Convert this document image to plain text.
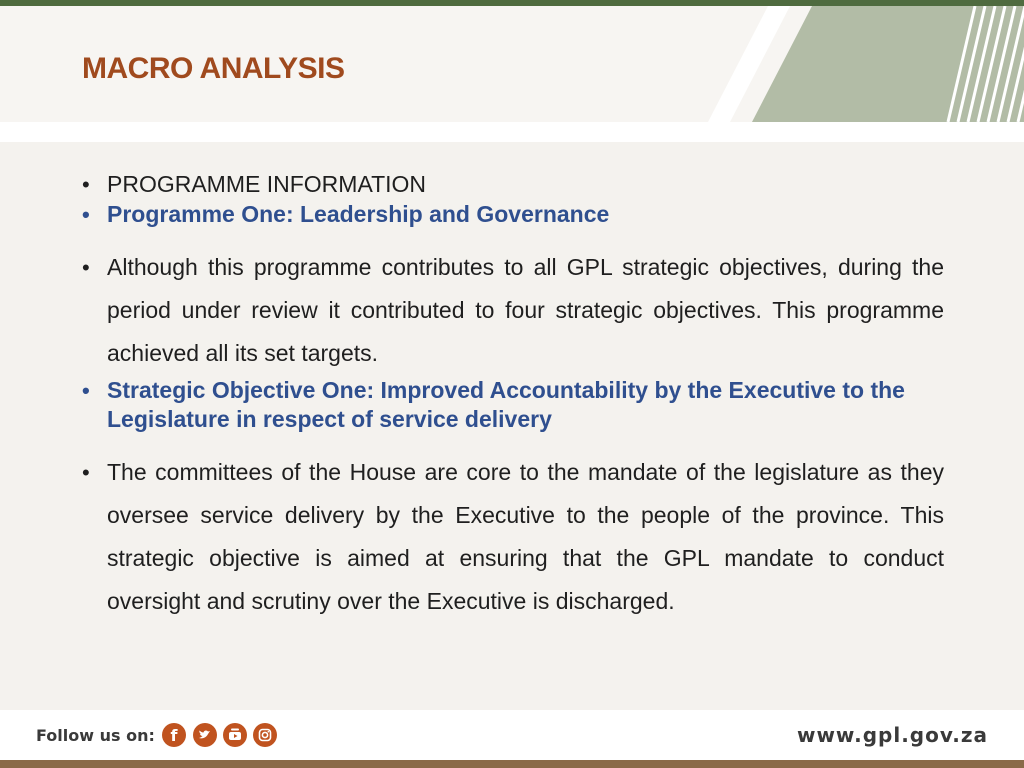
MACRO ANALYSIS
• PROGRAMME INFORMATION
• Programme One: Leadership and Governance
• Although this programme contributes to all GPL strategic objectives, during the period under review it contributed to four strategic objectives. This programme achieved all its set targets.
• Strategic Objective One: Improved Accountability by the Executive to the Legislature in respect of service delivery
• The committees of the House are core to the mandate of the legislature as they oversee service delivery by the Executive to the people of the province. This strategic objective is aimed at ensuring that the GPL mandate to conduct oversight and scrutiny over the Executive is discharged.
Follow us on: f	www.gpl.gov.za
